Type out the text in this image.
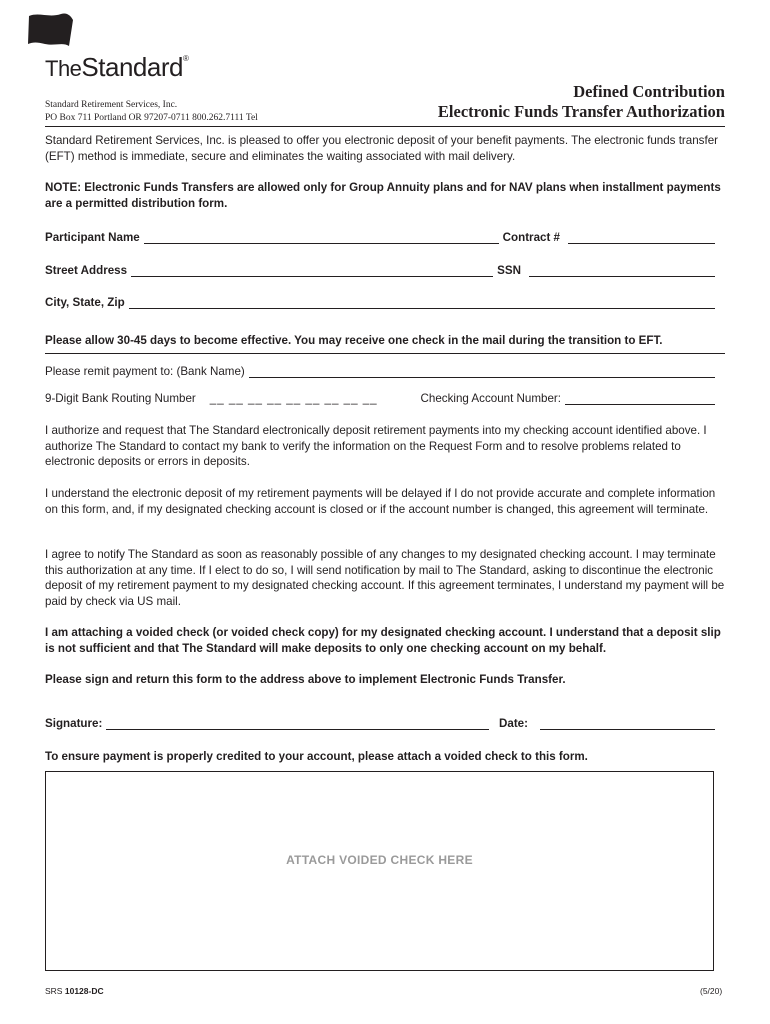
TheStandard®
Standard Retirement Services, Inc.
PO Box 711 Portland OR 97207-0711 800.262.7111 Tel
Defined Contribution
Electronic Funds Transfer Authorization
Standard Retirement Services, Inc. is pleased to offer you electronic deposit of your benefit payments. The electronic funds transfer (EFT) method is immediate, secure and eliminates the waiting associated with mail delivery.
NOTE: Electronic Funds Transfers are allowed only for Group Annuity plans and for NAV plans when installment payments are a permitted distribution form.
Participant Name	Contract #
Street Address	SSN
City, State, Zip
Please allow 30-45 days to become effective. You may receive one check in the mail during the transition to EFT.
Please remit payment to: (Bank Name)
9-Digit Bank Routing Number __ __ __ __ __ __ __ __ __	Checking Account Number:
I authorize and request that The Standard electronically deposit retirement payments into my checking account identified above. I authorize The Standard to contact my bank to verify the information on the Request Form and to resolve problems related to electronic deposits or errors in deposits.
I understand the electronic deposit of my retirement payments will be delayed if I do not provide accurate and complete information on this form, and, if my designated checking account is closed or if the account number is changed, this agreement will terminate.
I agree to notify The Standard as soon as reasonably possible of any changes to my designated checking account. I may terminate this authorization at any time. If I elect to do so, I will send notification by mail to The Standard, asking to discontinue the electronic deposit of my retirement payment to my designated checking account. If this agreement terminates, I understand my payment will be paid by check via US mail.
I am attaching a voided check (or voided check copy) for my designated checking account. I understand that a deposit slip is not sufficient and that The Standard will make deposits to only one checking account on my behalf.
Please sign and return this form to the address above to implement Electronic Funds Transfer.
Signature:	Date:
To ensure payment is properly credited to your account, please attach a voided check to this form.
ATTACH VOIDED CHECK HERE
SRS 10128-DC	(5/20)
